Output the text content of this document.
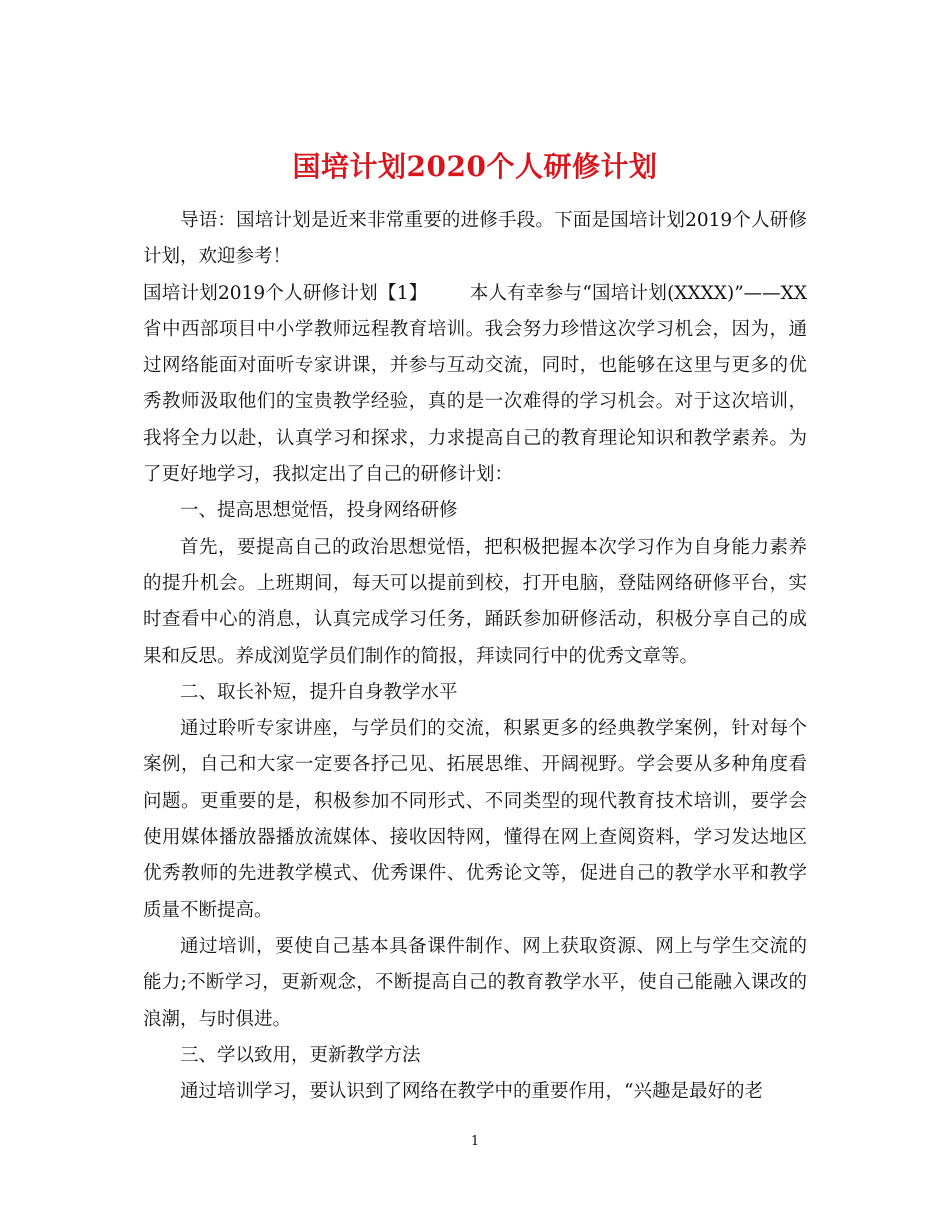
国培计划2020个人研修计划

导语：国培计划是近来非常重要的进修手段。下面是国培计划2019个人研修计划，欢迎参考！

国培计划2019个人研修计划【1】 本人有幸参与“国培计划(XXXX)”——XX省中西部项目中小学教师远程教育培训。我会努力珍惜这次学习机会，因为，通过网络能面对面听专家讲课，并参与互动交流，同时，也能够在这里与更多的优秀教师汲取他们的宝贵教学经验，真的是一次难得的学习机会。对于这次培训，我将全力以赴，认真学习和探求，力求提高自己的教育理论知识和教学素养。为了更好地学习，我拟定出了自己的研修计划：

一、提高思想觉悟，投身网络研修

首先，要提高自己的政治思想觉悟，把积极把握本次学习作为自身能力素养的提升机会。上班期间，每天可以提前到校，打开电脑，登陆网络研修平台，实时查看中心的消息，认真完成学习任务，踊跃参加研修活动，积极分享自己的成果和反思。养成浏览学员们制作的简报，拜读同行中的优秀文章等。

二、取长补短，提升自身教学水平

通过聆听专家讲座，与学员们的交流，积累更多的经典教学案例，针对每个案例，自己和大家一定要各抒己见、拓展思维、开阔视野。学会要从多种角度看问题。更重要的是，积极参加不同形式、不同类型的现代教育技术培训，要学会使用媒体播放器播放流媒体、接收因特网，懂得在网上查阅资料，学习发达地区优秀教师的先进教学模式、优秀课件、优秀论文等，促进自己的教学水平和教学质量不断提高。

通过培训，要使自己基本具备课件制作、网上获取资源、网上与学生交流的能力;不断学习，更新观念，不断提高自己的教育教学水平，使自己能融入课改的浪潮，与时俱进。

三、学以致用，更新教学方法

通过培训学习，要认识到了网络在教学中的重要作用，“兴趣是最好的老

1
